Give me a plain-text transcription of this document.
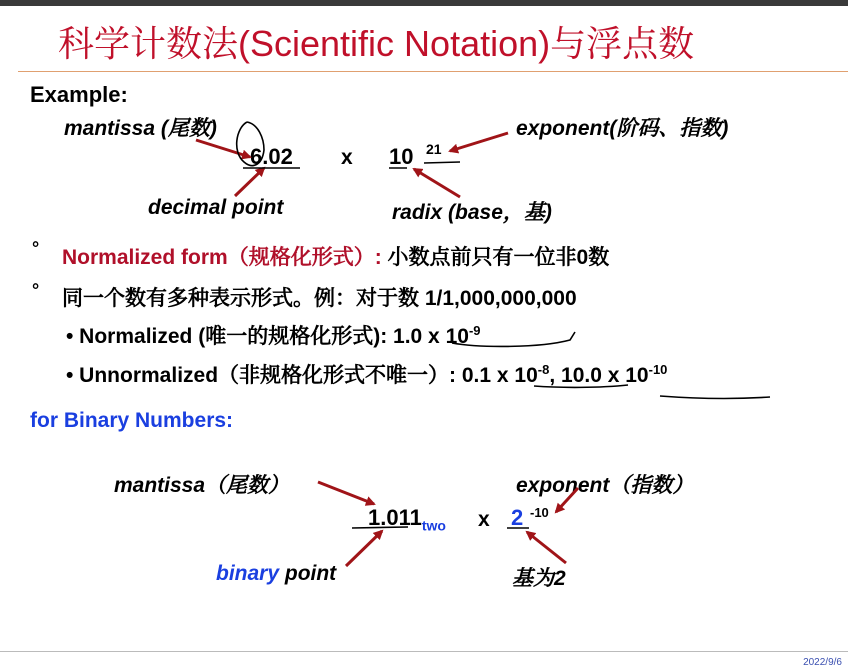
科学计数法(Scientific Notation)与浮点数
Example:
mantissa (尾数)	exponent(阶码、指数)
6.02 x 10 21
decimal point	radix (base，基)
° Normalized form（规格化形式）: 小数点前只有一位非0数
° 同一个数有多种表示形式。例：对于数 1/1,000,000,000
• Normalized (唯一的规格化形式): 1.0 x $10^{-9}$
• Unnormalized（非规格化形式不唯一）: 0.1 x $10^{-8}$, 10.0 x $10^{-10}$
for Binary Numbers:
mantissa（尾数）	exponent（指数）
$1.011_{two}$ x 2 -10
binary point	基为2
2022/9/6
